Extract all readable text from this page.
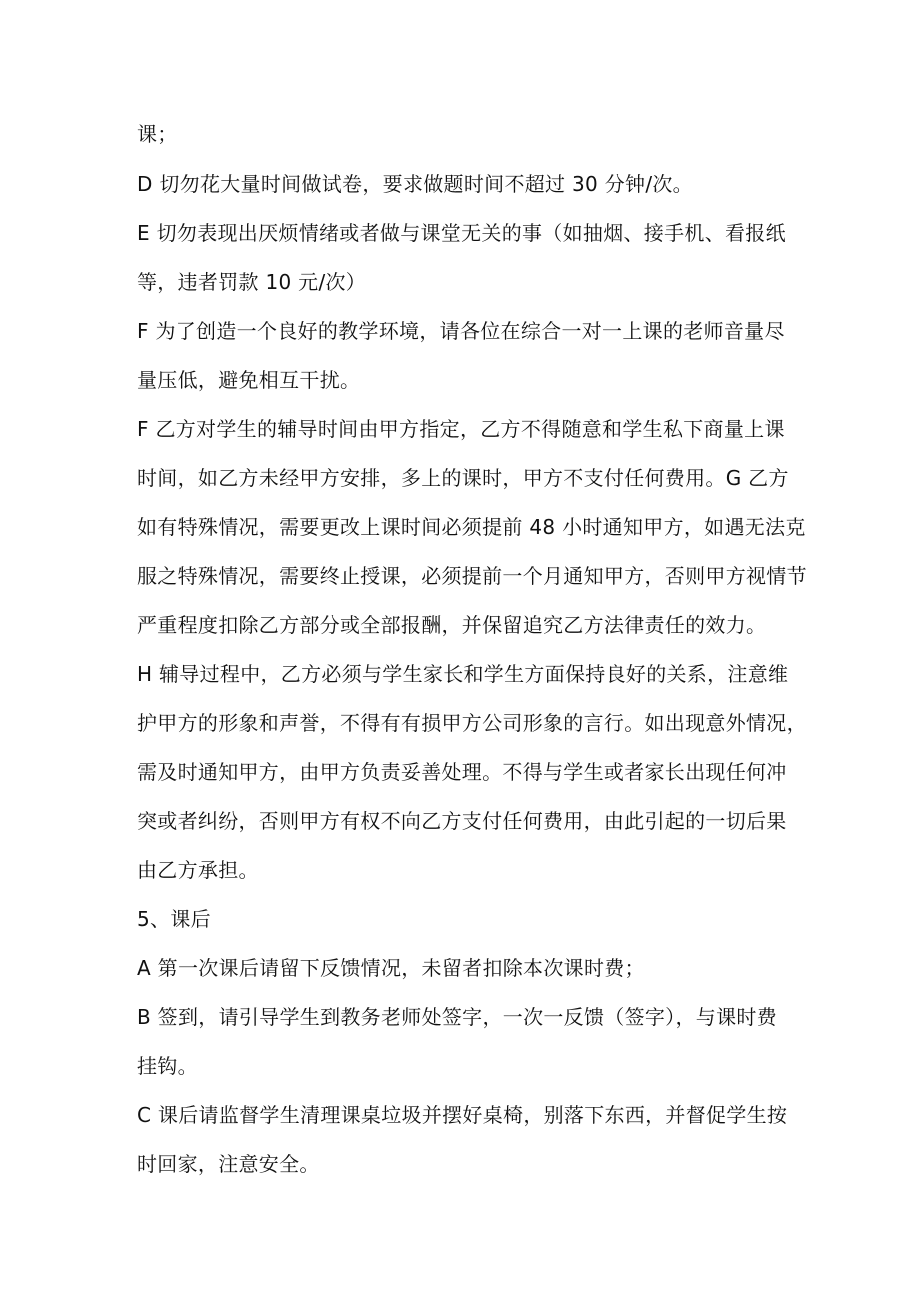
课；

D 切勿花大量时间做试卷，要求做题时间不超过 30 分钟/次。

E 切勿表现出厌烦情绪或者做与课堂无关的事（如抽烟、接手机、看报纸

等，违者罚款 10 元/次）

F 为了创造一个良好的教学环境，请各位在综合一对一上课的老师音量尽

量压低，避免相互干扰。

F 乙方对学生的辅导时间由甲方指定，乙方不得随意和学生私下商量上课

时间，如乙方未经甲方安排，多上的课时，甲方不支付任何费用。G 乙方

如有特殊情况，需要更改上课时间必须提前 48 小时通知甲方，如遇无法克

服之特殊情况，需要终止授课，必须提前一个月通知甲方，否则甲方视情节

严重程度扣除乙方部分或全部报酬，并保留追究乙方法律责任的效力。

H 辅导过程中，乙方必须与学生家长和学生方面保持良好的关系，注意维

护甲方的形象和声誉，不得有有损甲方公司形象的言行。如出现意外情况，

需及时通知甲方，由甲方负责妥善处理。不得与学生或者家长出现任何冲

突或者纠纷，否则甲方有权不向乙方支付任何费用，由此引起的一切后果

由乙方承担。

5、课后

A 第一次课后请留下反馈情况，未留者扣除本次课时费；

B 签到，请引导学生到教务老师处签字，一次一反馈（签字），与课时费

挂钩。

C 课后请监督学生清理课桌垃圾并摆好桌椅，别落下东西，并督促学生按

时回家，注意安全。
